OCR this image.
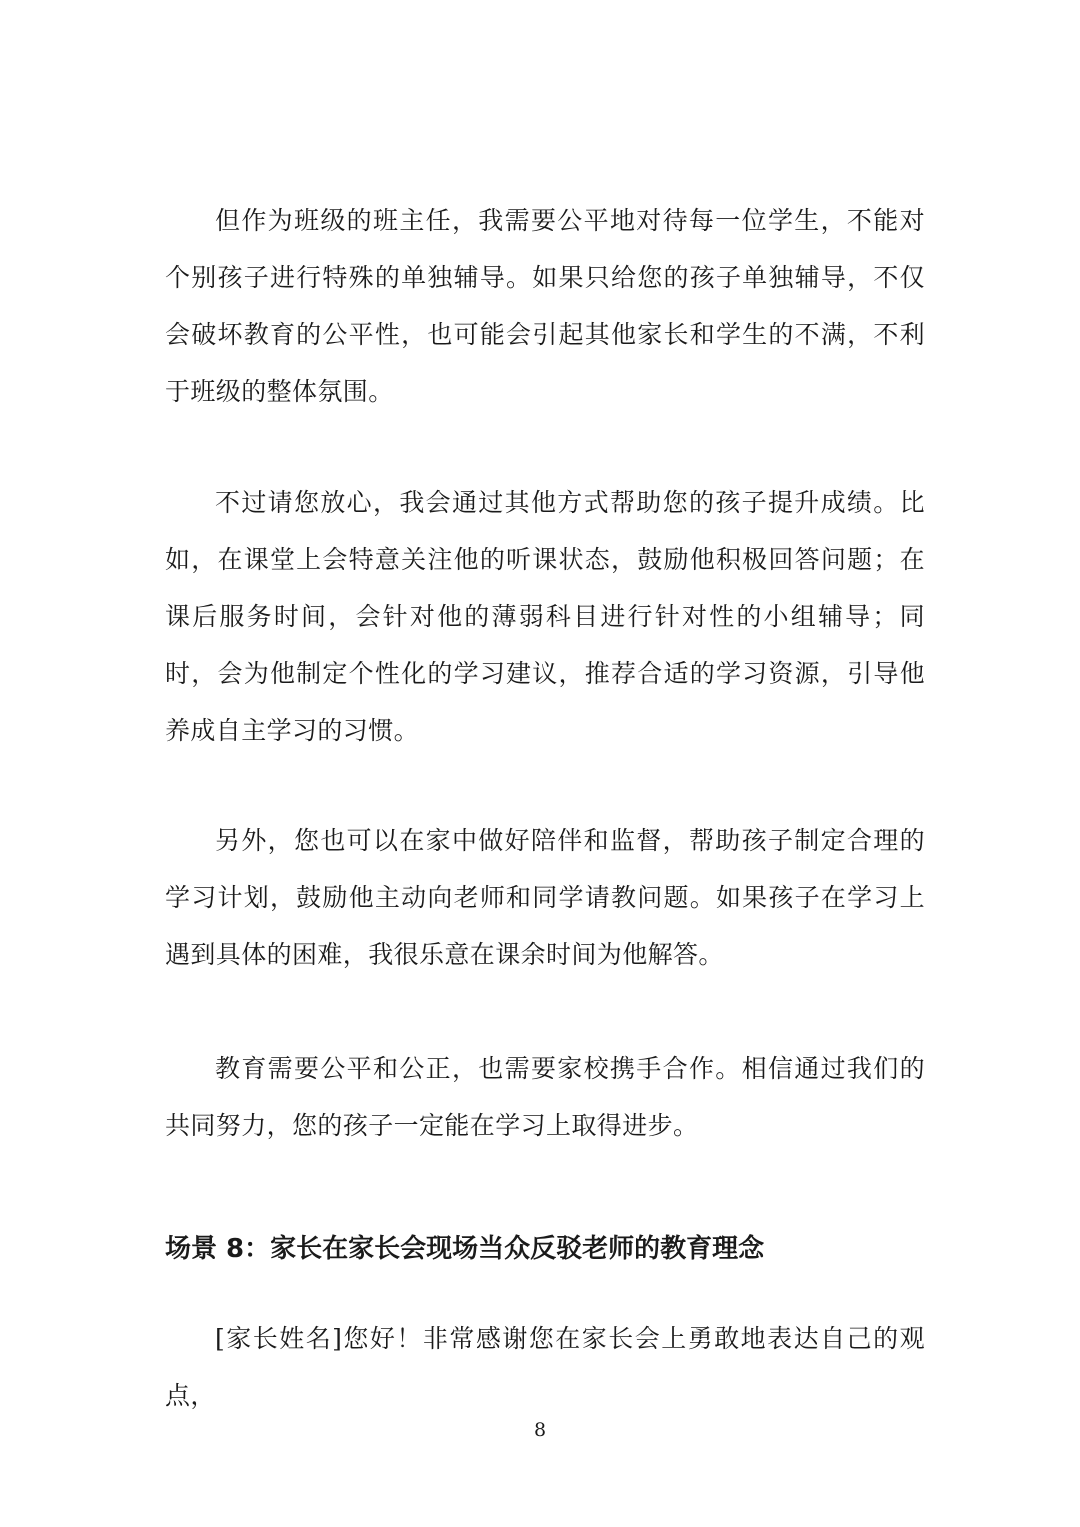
但作为班级的班主任，我需要公平地对待每一位学生，不能对个别孩子进行特殊的单独辅导。如果只给您的孩子单独辅导，不仅会破坏教育的公平性，也可能会引起其他家长和学生的不满，不利于班级的整体氛围。

不过请您放心，我会通过其他方式帮助您的孩子提升成绩。比如，在课堂上会特意关注他的听课状态，鼓励他积极回答问题；在课后服务时间，会针对他的薄弱科目进行针对性的小组辅导；同时，会为他制定个性化的学习建议，推荐合适的学习资源，引导他养成自主学习的习惯。

另外，您也可以在家中做好陪伴和监督，帮助孩子制定合理的学习计划，鼓励他主动向老师和同学请教问题。如果孩子在学习上遇到具体的困难，我很乐意在课余时间为他解答。

教育需要公平和公正，也需要家校携手合作。相信通过我们的共同努力，您的孩子一定能在学习上取得进步。

场景 8：家长在家长会现场当众反驳老师的教育理念

[家长姓名]您好！非常感谢您在家长会上勇敢地表达自己的观点，

8
